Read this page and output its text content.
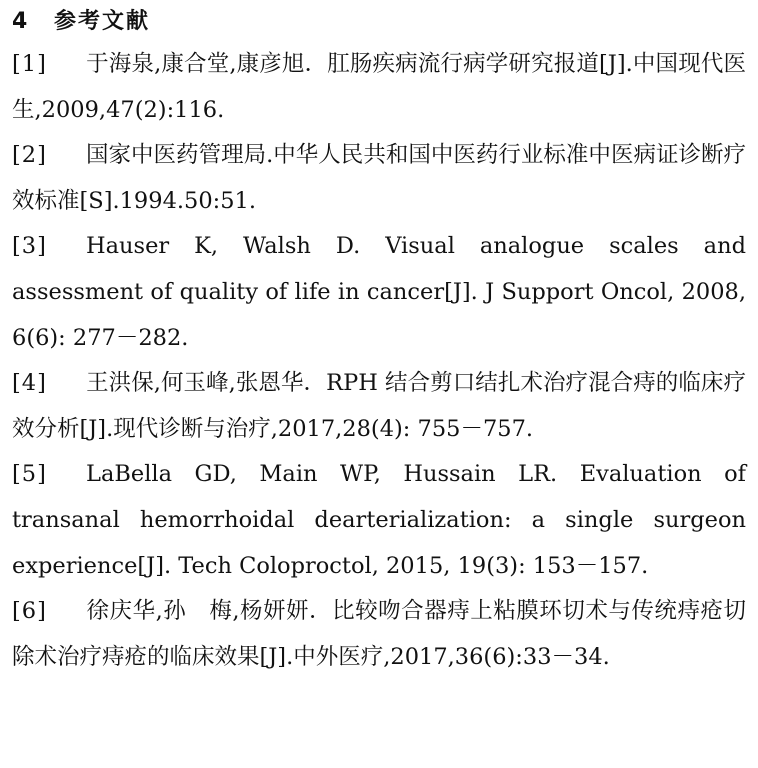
4	参考文献
[1] 于海泉,康合堂,康彦旭．肛肠疾病流行病学研究报道[J].中国现代医生,2009,47(2):116.
[2] 国家中医药管理局.中华人民共和国中医药行业标准中医病证诊断疗效标准[S].1994.50:51.
[3] Hauser K, Walsh D. Visual analogue scales and assessment of quality of life in cancer[J]. J Support Oncol, 2008, 6(6): 277－282.
[4] 王洪保,何玉峰,张恩华．RPH 结合剪口结扎术治疗混合痔的临床疗效分析[J].现代诊断与治疗,2017,28(4): 755－757.
[5] LaBella GD, Main WP, Hussain LR. Evaluation of transanal hemorrhoidal dearterialization: a single surgeon experience[J]. Tech Coloproctol, 2015, 19(3): 153－157.
[6] 徐庆华,孙　梅,杨妍妍．比较吻合器痔上粘膜环切术与传统痔疮切除术治疗痔疮的临床效果[J].中外医疗,2017,36(6):33－34.
